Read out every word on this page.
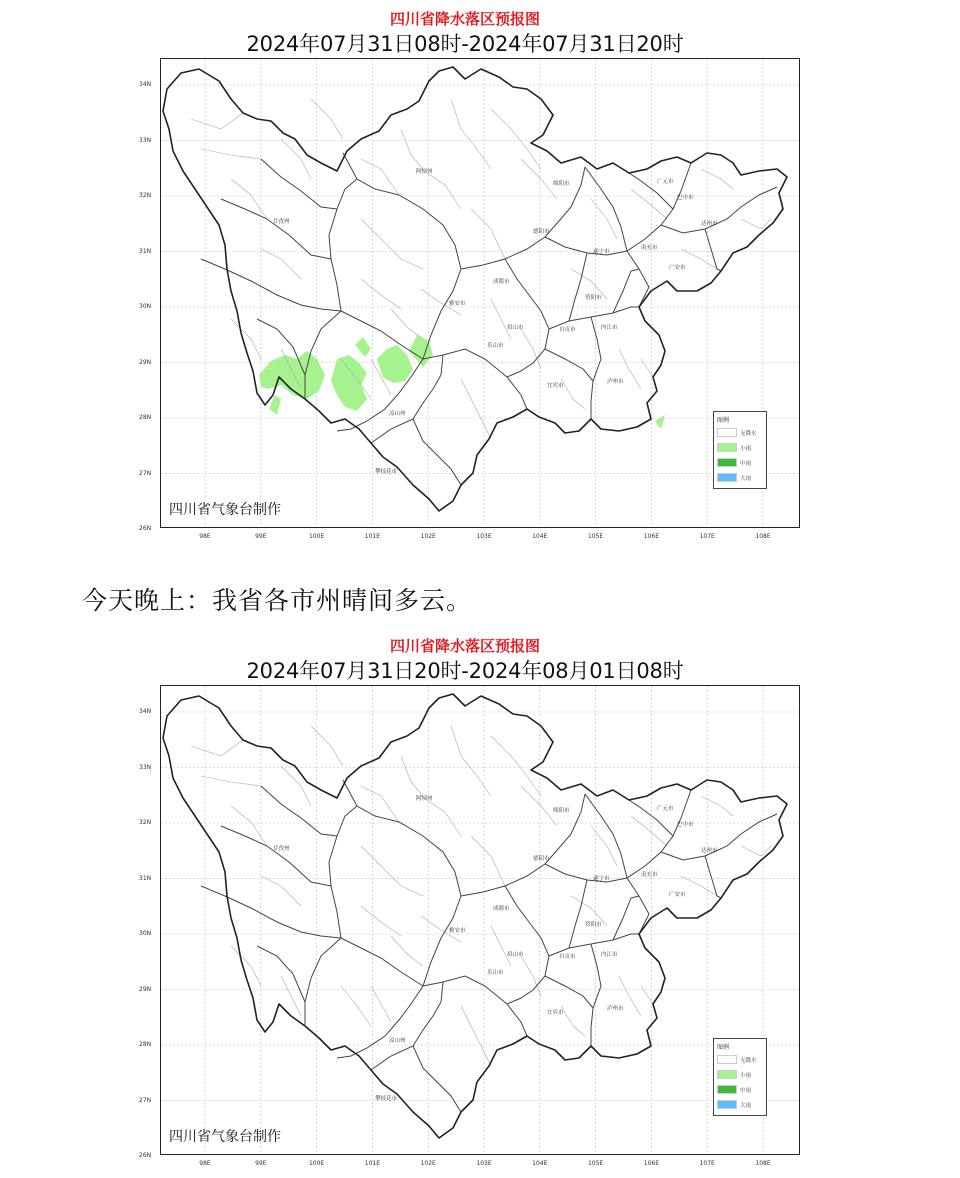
四川省降水落区预报图
2024年07月31日08时-2024年07月31日20时
阿坝州
甘孜州
凉山州
攀枝花市
雅安市
成都市
乐山市
眉山市
宜宾市
泸州市
绵阳市
德阳市
广元市
巴中市
达州市
南充市
遂宁市
资阳市
内江市
自贡市
广安市
四川省气象台制作
图例
无降水
小雨
中雨
大雨
34N
33N
32N
31N
30N
29N
28N
27N
26N
98E	99E	100E	101E	102E	103E	104E	105E	106E	107E	108E
今天晚上：我省各市州晴间多云。
四川省降水落区预报图
2024年07月31日20时-2024年08月01日08时
阿坝州
甘孜州
凉山州
攀枝花市
雅安市
成都市
乐山市
眉山市
宜宾市
泸州市
绵阳市
德阳市
广元市
巴中市
达州市
南充市
遂宁市
资阳市
内江市
自贡市
广安市
四川省气象台制作
图例
无降水
小雨
中雨
大雨
34N
33N
32N
31N
30N
29N
28N
27N
26N
98E	99E	100E	101E	102E	103E	104E	105E	106E	107E	108E
